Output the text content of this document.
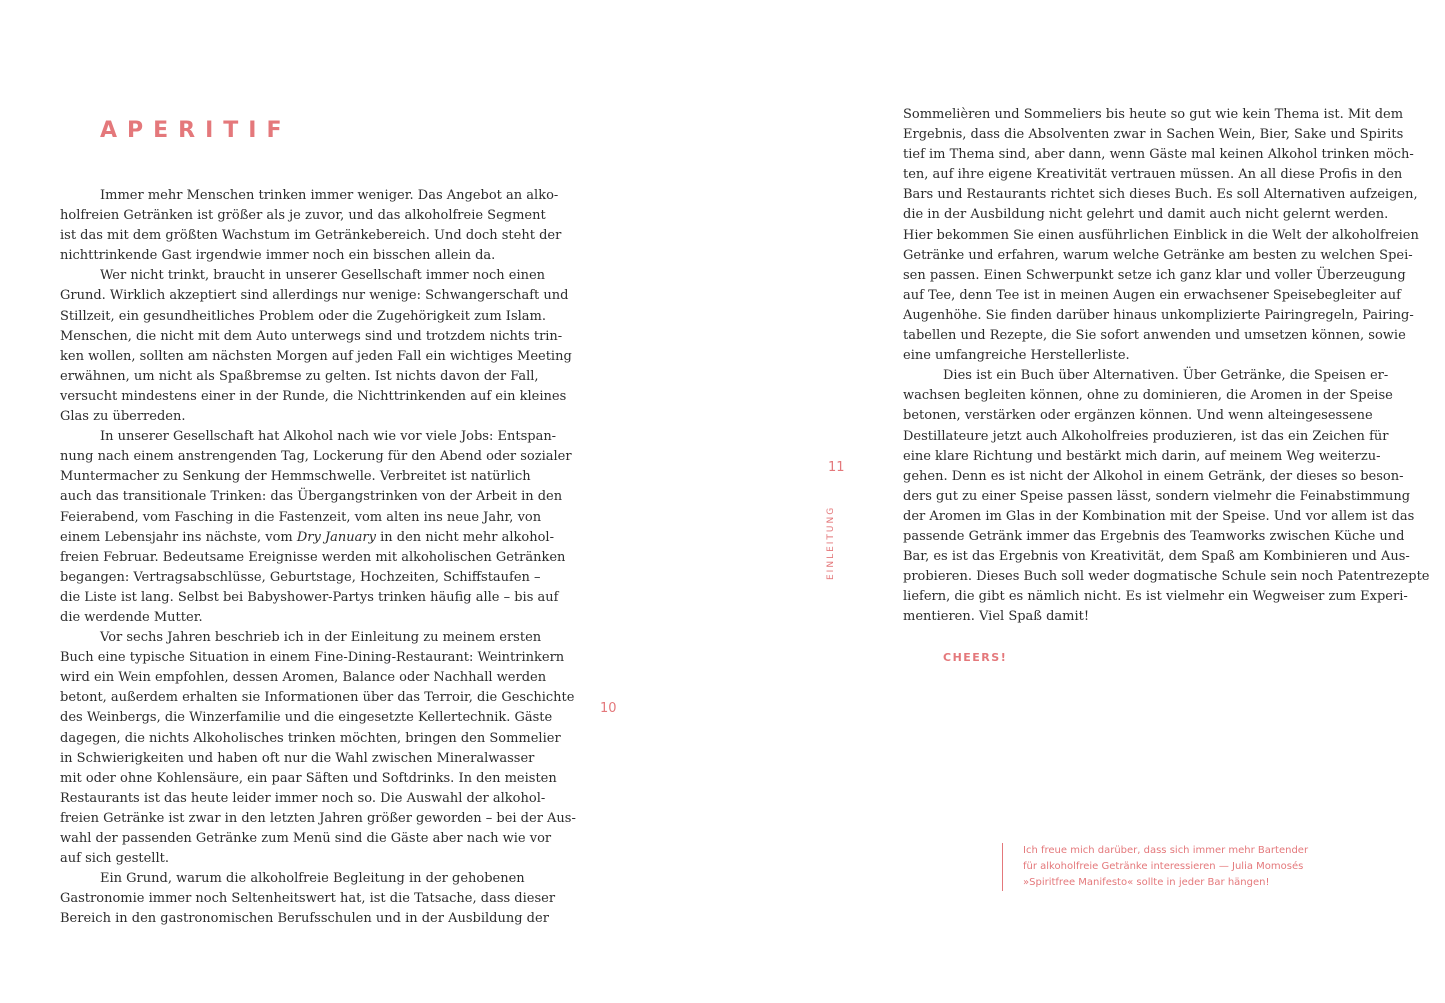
APERITIF
Immer mehr Menschen trinken immer weniger. Das Angebot an alko-
holfreien Getränken ist größer als je zuvor, und das alkoholfreie Segment
ist das mit dem größten Wachstum im Getränkebereich. Und doch steht der
nichttrinkende Gast irgendwie immer noch ein bisschen allein da.
Wer nicht trinkt, braucht in unserer Gesellschaft immer noch einen
Grund. Wirklich akzeptiert sind allerdings nur wenige: Schwangerschaft und
Stillzeit, ein gesundheitliches Problem oder die Zugehörigkeit zum Islam.
Menschen, die nicht mit dem Auto unterwegs sind und trotzdem nichts trin-
ken wollen, sollten am nächsten Morgen auf jeden Fall ein wichtiges Meeting
erwähnen, um nicht als Spaßbremse zu gelten. Ist nichts davon der Fall,
versucht mindestens einer in der Runde, die Nichttrinkenden auf ein kleines
Glas zu überreden.
In unserer Gesellschaft hat Alkohol nach wie vor viele Jobs: Entspan-
nung nach einem anstrengenden Tag, Lockerung für den Abend oder sozialer
Muntermacher zu Senkung der Hemmschwelle. Verbreitet ist natürlich
auch das transitionale Trinken: das Übergangstrinken von der Arbeit in den
Feierabend, vom Fasching in die Fastenzeit, vom alten ins neue Jahr, von
einem Lebensjahr ins nächste, vom Dry January in den nicht mehr alkohol-
freien Februar. Bedeutsame Ereignisse werden mit alkoholischen Getränken
begangen: Vertragsabschlüsse, Geburtstage, Hochzeiten, Schiffstaufen –
die Liste ist lang. Selbst bei Babyshower-Partys trinken häufig alle – bis auf
die werdende Mutter.
Vor sechs Jahren beschrieb ich in der Einleitung zu meinem ersten
Buch eine typische Situation in einem Fine-Dining-Restaurant: Weintrinkern
wird ein Wein empfohlen, dessen Aromen, Balance oder Nachhall werden
betont, außerdem erhalten sie Informationen über das Terroir, die Geschichte
des Weinbergs, die Winzerfamilie und die eingesetzte Kellertechnik. Gäste
dagegen, die nichts Alkoholisches trinken möchten, bringen den Sommelier
in Schwierigkeiten und haben oft nur die Wahl zwischen Mineralwasser
mit oder ohne Kohlensäure, ein paar Säften und Softdrinks. In den meisten
Restaurants ist das heute leider immer noch so. Die Auswahl der alkohol-
freien Getränke ist zwar in den letzten Jahren größer geworden – bei der Aus-
wahl der passenden Getränke zum Menü sind die Gäste aber nach wie vor
auf sich gestellt.
Ein Grund, warum die alkoholfreie Begleitung in der gehobenen
Gastronomie immer noch Seltenheitswert hat, ist die Tatsache, dass dieser
Bereich in den gastronomischen Berufsschulen und in der Ausbildung der

10

11

EINLEITUNG
Sommelièren und Sommeliers bis heute so gut wie kein Thema ist. Mit dem
Ergebnis, dass die Absolventen zwar in Sachen Wein, Bier, Sake und Spirits
tief im Thema sind, aber dann, wenn Gäste mal keinen Alkohol trinken möch-
ten, auf ihre eigene Kreativität vertrauen müssen. An all diese Profis in den
Bars und Restaurants richtet sich dieses Buch. Es soll Alternativen aufzeigen,
die in der Ausbildung nicht gelehrt und damit auch nicht gelernt werden.
Hier bekommen Sie einen ausführlichen Einblick in die Welt der alkoholfreien
Getränke und erfahren, warum welche Getränke am besten zu welchen Spei-
sen passen. Einen Schwerpunkt setze ich ganz klar und voller Überzeugung
auf Tee, denn Tee ist in meinen Augen ein erwachsener Speisebegleiter auf
Augenhöhe. Sie finden darüber hinaus unkomplizierte Pairingregeln, Pairing-
tabellen und Rezepte, die Sie sofort anwenden und umsetzen können, sowie
eine umfangreiche Herstellerliste.
Dies ist ein Buch über Alternativen. Über Getränke, die Speisen er-
wachsen begleiten können, ohne zu dominieren, die Aromen in der Speise
betonen, verstärken oder ergänzen können. Und wenn alteingesessene
Destillateure jetzt auch Alkoholfreies produzieren, ist das ein Zeichen für
eine klare Richtung und bestärkt mich darin, auf meinem Weg weiterzu-
gehen. Denn es ist nicht der Alkohol in einem Getränk, der dieses so beson-
ders gut zu einer Speise passen lässt, sondern vielmehr die Feinabstimmung
der Aromen im Glas in der Kombination mit der Speise. Und vor allem ist das
passende Getränk immer das Ergebnis des Teamworks zwischen Küche und
Bar, es ist das Ergebnis von Kreativität, dem Spaß am Kombinieren und Aus-
probieren. Dieses Buch soll weder dogmatische Schule sein noch Patentrezepte
liefern, die gibt es nämlich nicht. Es ist vielmehr ein Wegweiser zum Experi-
mentieren. Viel Spaß damit!

CHEERS!

Ich freue mich darüber, dass sich immer mehr Bartender
für alkoholfreie Getränke interessieren — Julia Momosés
»Spiritfree Manifesto« sollte in jeder Bar hängen!
